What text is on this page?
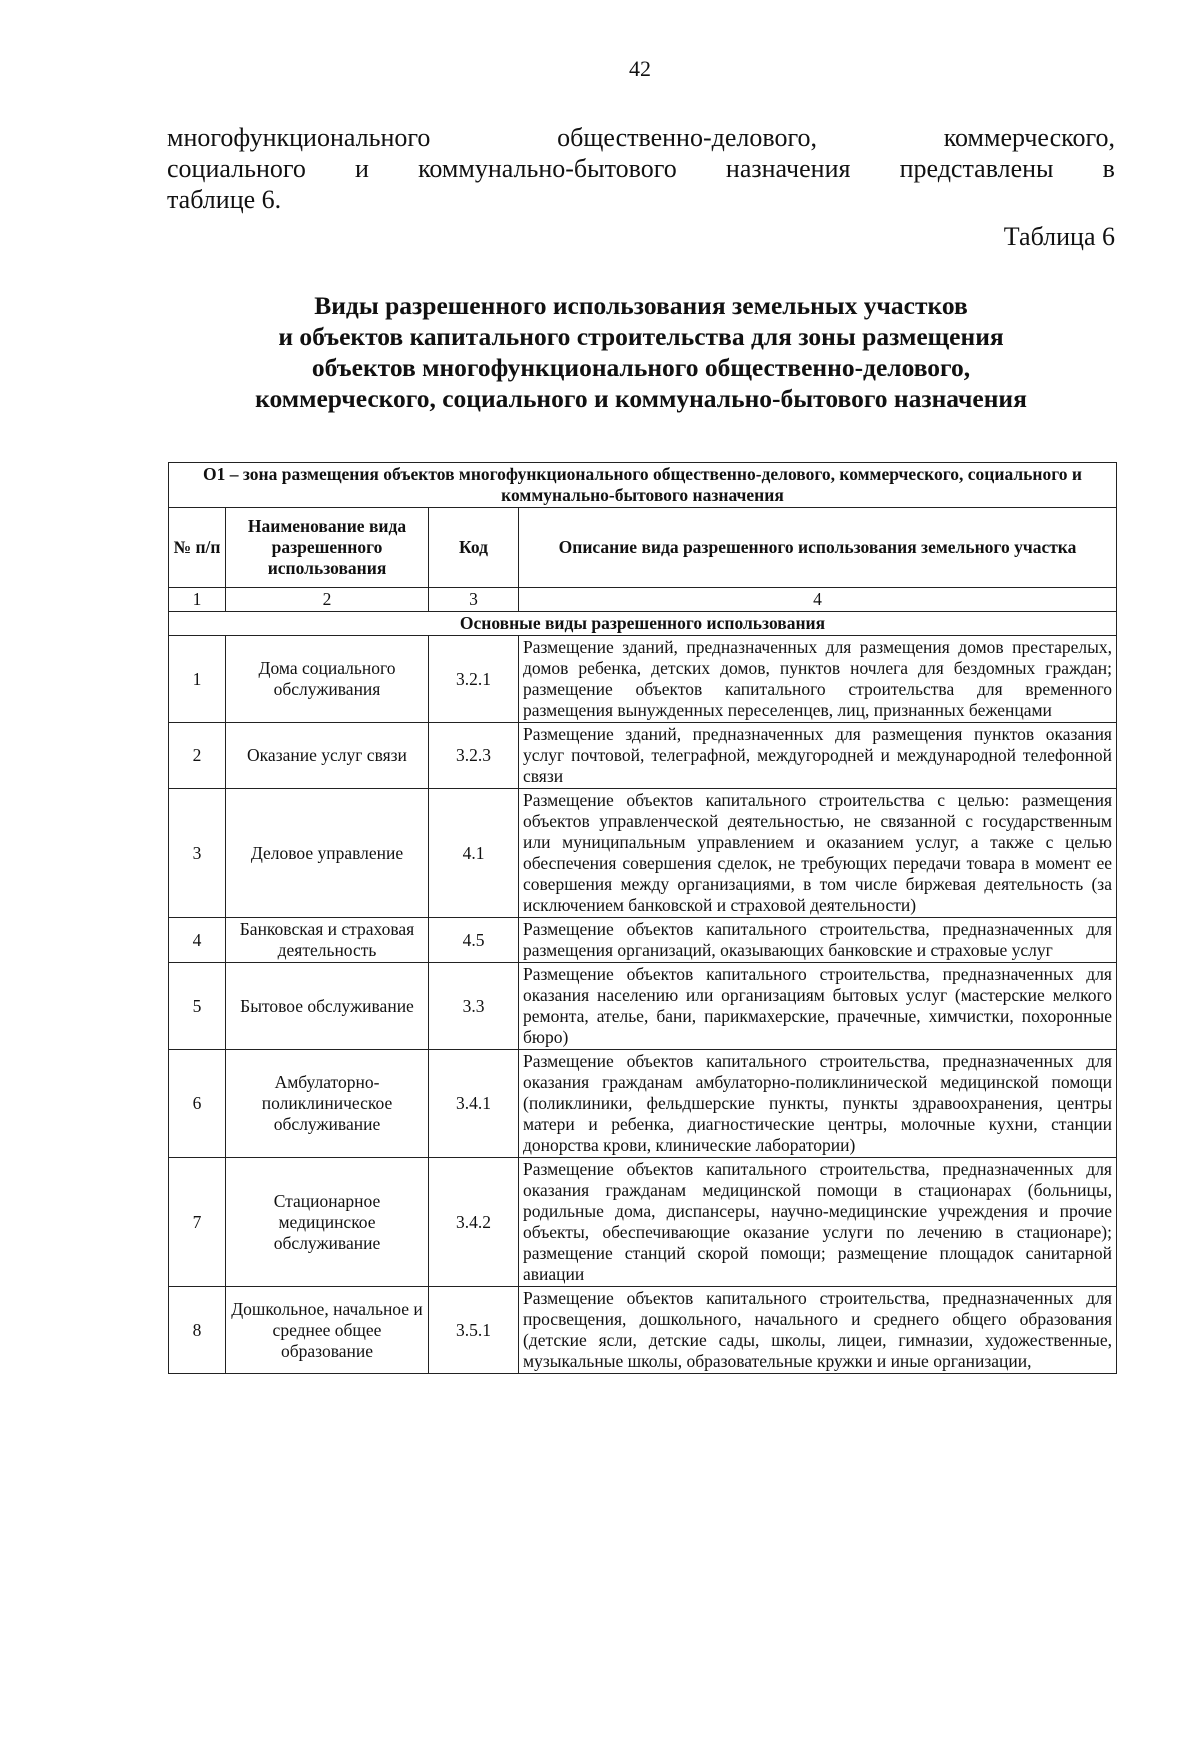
42
многофункционального	общественно-делового,	коммерческого,
социального и коммунально-бытового назначения представлены в
таблице 6.
Таблица 6
Виды разрешенного использования земельных участков
и объектов капитального строительства для зоны размещения
объектов многофункционального общественно-делового,
коммерческого, социального и коммунально-бытового назначения
О1 – зона размещения объектов многофункционального общественно-делового, коммерческого, социального и коммунально-бытового назначения			
№ п/п	Наименование вида разрешенного использования	Код	Описание вида разрешенного использования земельного участка
1	2	3	4
Основные виды разрешенного использования			
1	Дома социального обслуживания	3.2.1	Размещение зданий, предназначенных для размещения домов престарелых, домов ребенка, детских домов, пунктов ночлега для бездомных граждан; размещение объектов капитального строительства для временного размещения вынужденных переселенцев, лиц, признанных беженцами
2	Оказание услуг связи	3.2.3	Размещение зданий, предназначенных для размещения пунктов оказания услуг почтовой, телеграфной, междугородней и международной телефонной связи
3	Деловое управление	4.1	Размещение объектов капитального строительства с целью: размещения объектов управленческой деятельностью, не связанной с государственным или муниципальным управлением и оказанием услуг, а также с целью обеспечения совершения сделок, не требующих передачи товара в момент ее совершения между организациями, в том числе биржевая деятельность (за исключением банковской и страховой деятельности)
4	Банковская и страховая деятельность	4.5	Размещение объектов капитального строительства, предназначенных для размещения организаций, оказывающих банковские и страховые услуг
5	Бытовое обслуживание	3.3	Размещение объектов капитального строительства, предназначенных для оказания населению или организациям бытовых услуг (мастерские мелкого ремонта, ателье, бани, парикмахерские, прачечные, химчистки, похоронные бюро)
6	Амбулаторно-поликлиническое обслуживание	3.4.1	Размещение объектов капитального строительства, предназначенных для оказания гражданам амбулаторно-поликлинической медицинской помощи (поликлиники, фельдшерские пункты, пункты здравоохранения, центры матери и ребенка, диагностические центры, молочные кухни, станции донорства крови, клинические лаборатории)
7	Стационарное медицинское обслуживание	3.4.2	Размещение объектов капитального строительства, предназначенных для оказания гражданам медицинской помощи в стационарах (больницы, родильные дома, диспансеры, научно-медицинские учреждения и прочие объекты, обеспечивающие оказание услуги по лечению в стационаре); размещение станций скорой помощи; размещение площадок санитарной авиации
8	Дошкольное, начальное и среднее общее образование	3.5.1	Размещение объектов капитального строительства, предназначенных для просвещения, дошкольного, начального и среднего общего образования (детские ясли, детские сады, школы, лицеи, гимназии, художественные, музыкальные школы, образовательные кружки и иные организации,
